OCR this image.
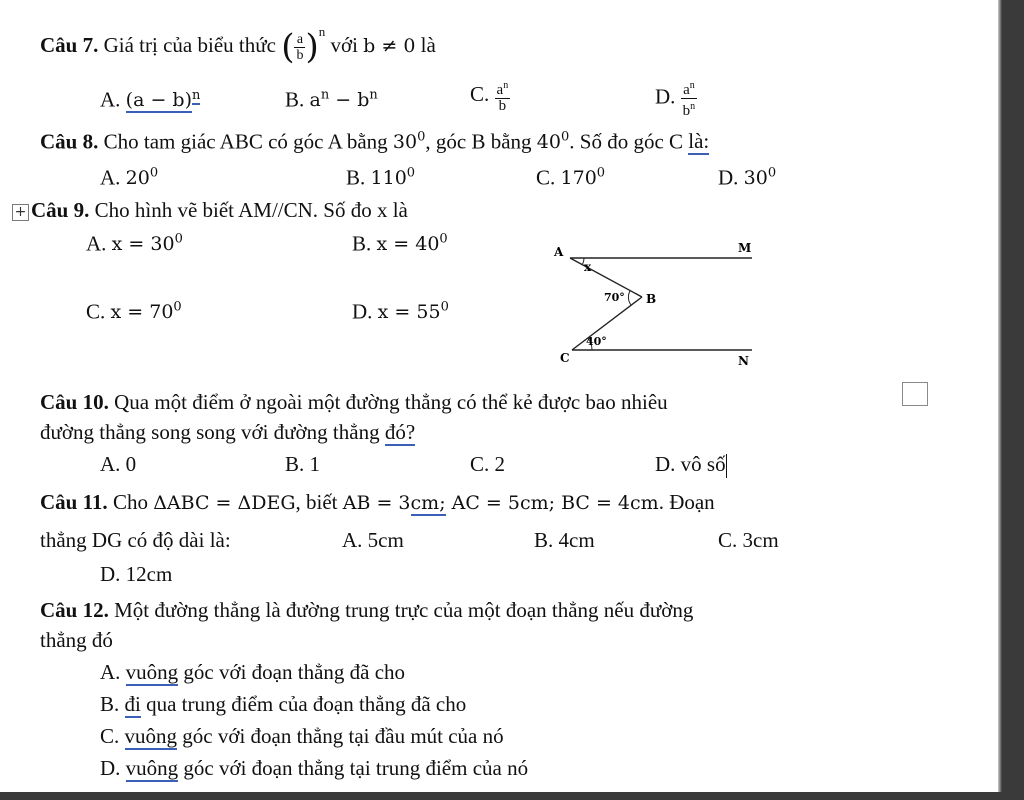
Câu 7. Giá trị của biểu thức ( $\frac{a}{b} )^n$ với b ≠ 0 là
A. $(a - b)^n$	B. $a^n - b^n$	C. $\frac{a^n}{b}$	D. $\frac{a^n}{b^n}$
Câu 8. Cho tam giác ABC có góc A bằng $30^0$, góc B bằng $40^0$. Số đo góc C là:
A. $20^0$	B. $110^0$	C. $170^0$	D. $30^0$
+ Câu 9. Cho hình vẽ biết AM//CN. Số đo x là
A. $x = 30^0$	B. $x = 40^0$
C. $x = 70^0$	D. $x = 55^0$
A
x
M
70° B
40°
C	N
Câu 10. Qua một điểm ở ngoài một đường thẳng có thể kẻ được bao nhiêu
đường thẳng song song với đường thẳng đó?
A. 0	B. 1	C. 2	D. vô số
Câu 11. Cho ΔABC = ΔDEG, biết AB = 3cm; AC = 5cm; BC = 4cm. Đoạn
thẳng DG có độ dài là:	A. 5cm	B. 4cm	C. 3cm
D. 12cm
Câu 12. Một đường thẳng là đường trung trực của một đoạn thẳng nếu đường
thẳng đó
A. vuông góc với đoạn thẳng đã cho
B. đi qua trung điểm của đoạn thẳng đã cho
C. vuông góc với đoạn thẳng tại đầu mút của nó
D. vuông góc với đoạn thẳng tại trung điểm của nó
